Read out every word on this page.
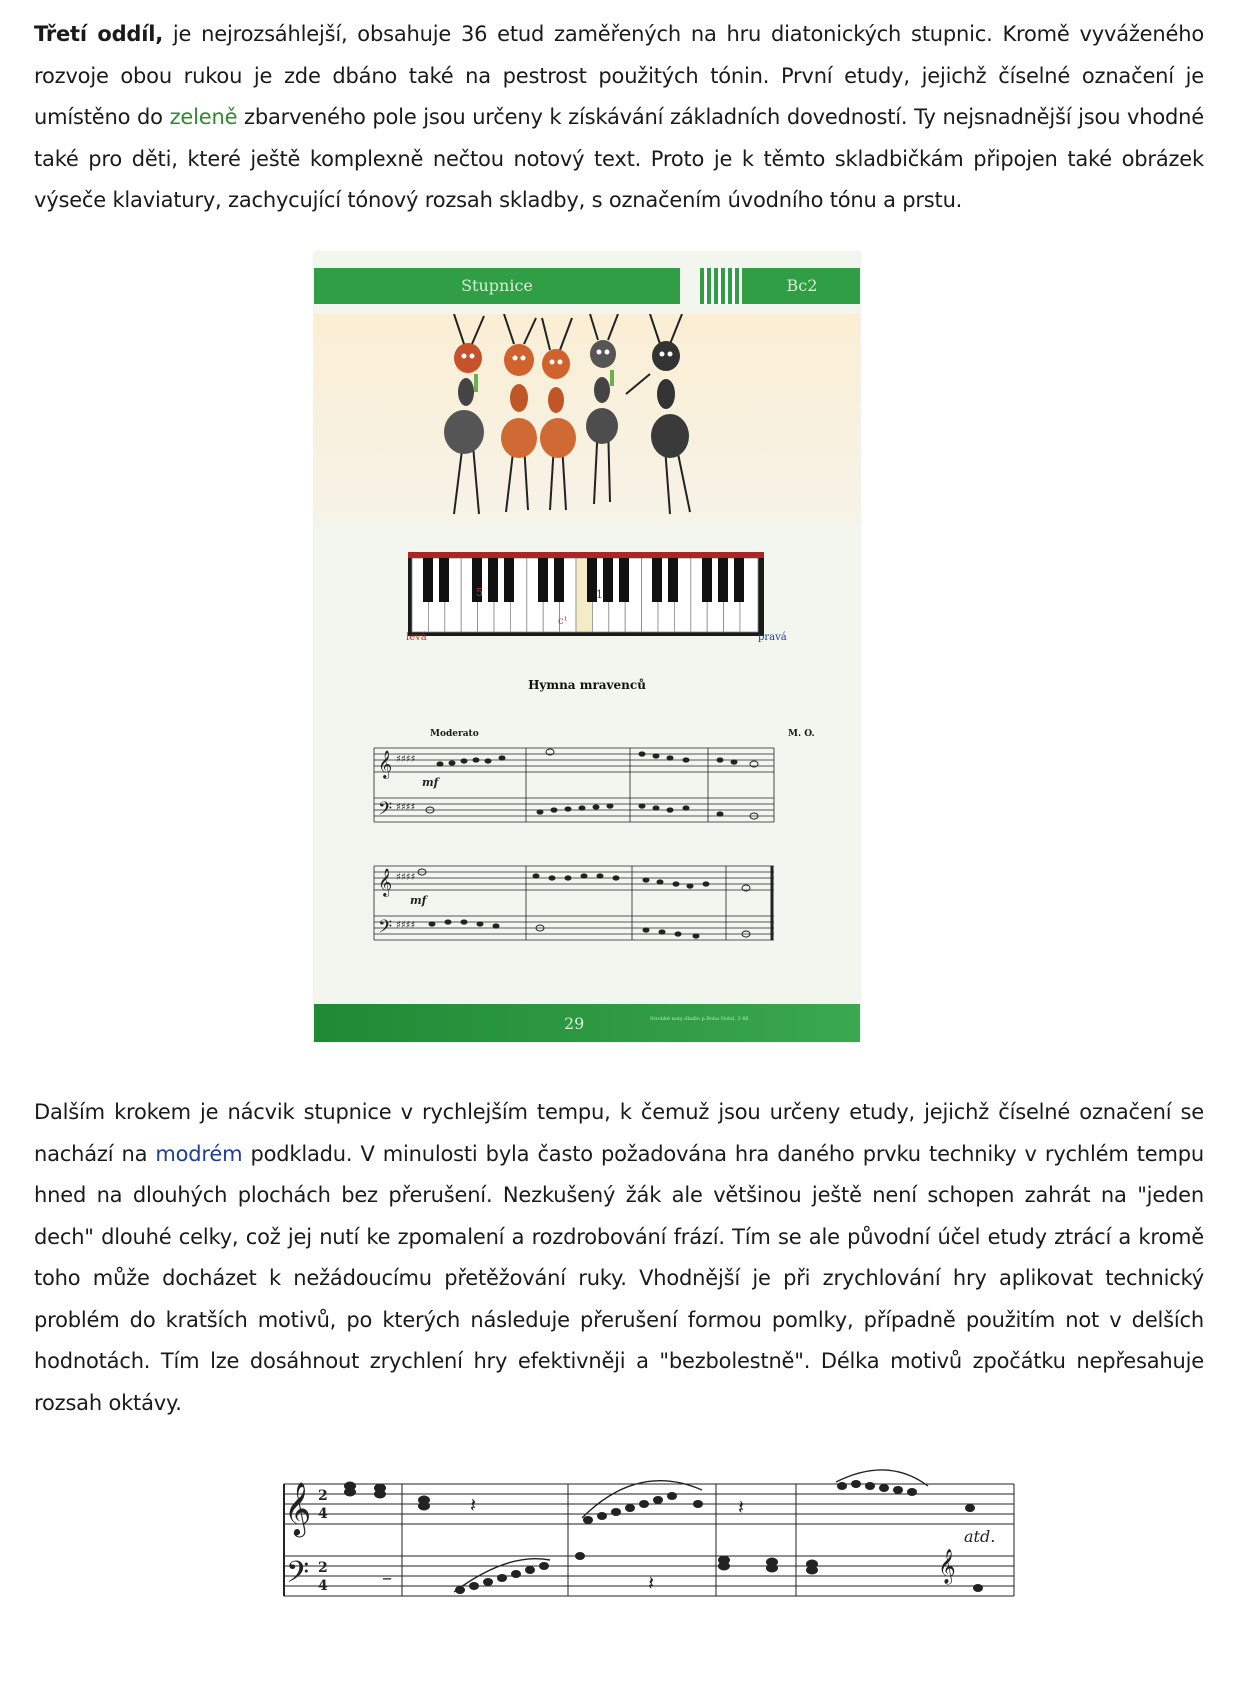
Třetí oddíl, je nejrozsáhlejší, obsahuje 36 etud zaměřených na hru diatonických stupnic. Kromě vyváženého rozvoje obou rukou je zde dbáno také na pestrost použitých tónin. První etudy, jejichž číselné označení je umístěno do zeleně zbarveného pole jsou určeny k získávání základních dovedností. Ty nejsnadnější jsou vhodné také pro děti, které ještě komplexně nečtou notový text. Proto je k těmto skladbičkám připojen také obrázek výseče klaviatury, zachycující tónový rozsah skladby, s označením úvodního tónu a prstu.
Stupnice	Bc2
5	1
c¹
levá	pravá
Hymna mravenců
Moderato	M. O.
𝄞
𝄢
♯♯♯♯
♯♯♯♯
mf
𝄞
𝄢
♯♯♯♯
♯♯♯♯
mf
29	Strohké noty dladlo p.Boba Notsl, 3 66
Dalším krokem je nácvik stupnice v rychlejším tempu, k čemuž jsou určeny etudy, jejichž číselné označení se nachází na modrém podkladu. V minulosti byla často požadována hra daného prvku techniky v rychlém tempu hned na dlouhých plochách bez přerušení. Nezkušený žák ale většinou ještě není schopen zahrát na "jeden dech" dlouhé celky, což jej nutí ke zpomalení a rozdrobování frází. Tím se ale původní účel etudy ztrácí a kromě toho může docházet k nežádoucímu přetěžování ruky. Vhodnější je při zrychlování hry aplikovat technický problém do kratších motivů, po kterých následuje přerušení formou pomlky, případně použitím not v delších hodnotách. Tím lze dosáhnout zrychlení hry efektivněji a "bezbolestně". Délka motivů zpočátku nepřesahuje rozsah oktávy.
𝄞
𝄢
2
4
2
4	–
𝄽
𝄽
𝄽
atd.
𝄞
